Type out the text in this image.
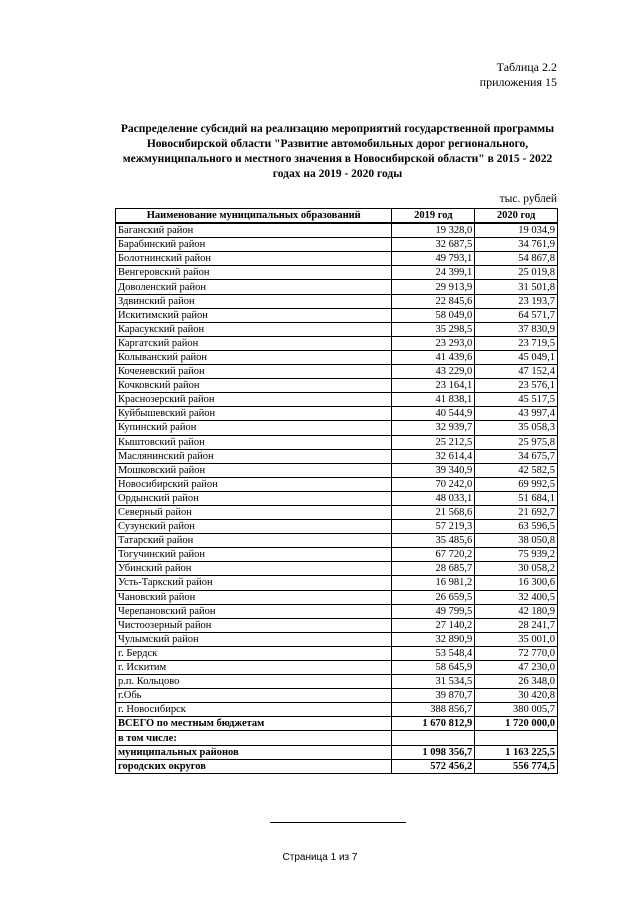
Таблица 2.2
приложения 15
Распределение субсидий на реализацию мероприятий государственной программы
Новосибирской области "Развитие автомобильных дорог регионального,
межмуниципального и местного значения в Новосибирской области" в 2015 - 2022
годах на 2019 - 2020 годы
тыс. рублей
Наименование муниципальных образований	2019 год	2020 год
Баганский район	19 328,0	19 034,9
Барабинский район	32 687,5	34 761,9
Болотнинский район	49 793,1	54 867,8
Венгеровский район	24 399,1	25 019,8
Доволенский район	29 913,9	31 501,8
Здвинский район	22 845,6	23 193,7
Искитимский район	58 049,0	64 571,7
Карасукский район	35 298,5	37 830,9
Каргатский район	23 293,0	23 719,5
Колыванский район	41 439,6	45 049,1
Коченевский район	43 229,0	47 152,4
Кочковский район	23 164,1	23 576,1
Краснозерский район	41 838,1	45 517,5
Куйбышевский район	40 544,9	43 997,4
Купинский район	32 939,7	35 058,3
Кыштовский район	25 212,5	25 975,8
Маслянинский район	32 614,4	34 675,7
Мошковский район	39 340,9	42 582,5
Новосибирский район	70 242,0	69 992,5
Ордынский район	48 033,1	51 684,1
Северный район	21 568,6	21 692,7
Сузунский район	57 219,3	63 596,5
Татарский район	35 485,6	38 050,8
Тогучинский район	67 720,2	75 939,2
Убинский район	28 685,7	30 058,2
Усть-Таркский район	16 981,2	16 300,6
Чановский район	26 659,5	32 400,5
Черепановский район	49 799,5	42 180,9
Чистоозерный район	27 140,2	28 241,7
Чулымский район	32 890,9	35 001,0
г. Бердск	53 548,4	72 770,0
г. Искитим	58 645,9	47 230,0
р.п. Кольцово	31 534,5	26 348,0
г.Обь	39 870,7	30 420,8
г. Новосибирск	388 856,7	380 005,7
ВСЕГО по местным бюджетам	1 670 812,9	1 720 000,0
в том числе:		
муниципальных районов	1 098 356,7	1 163 225,5
городских округов	572 456,2	556 774,5
Страница 1 из 7
